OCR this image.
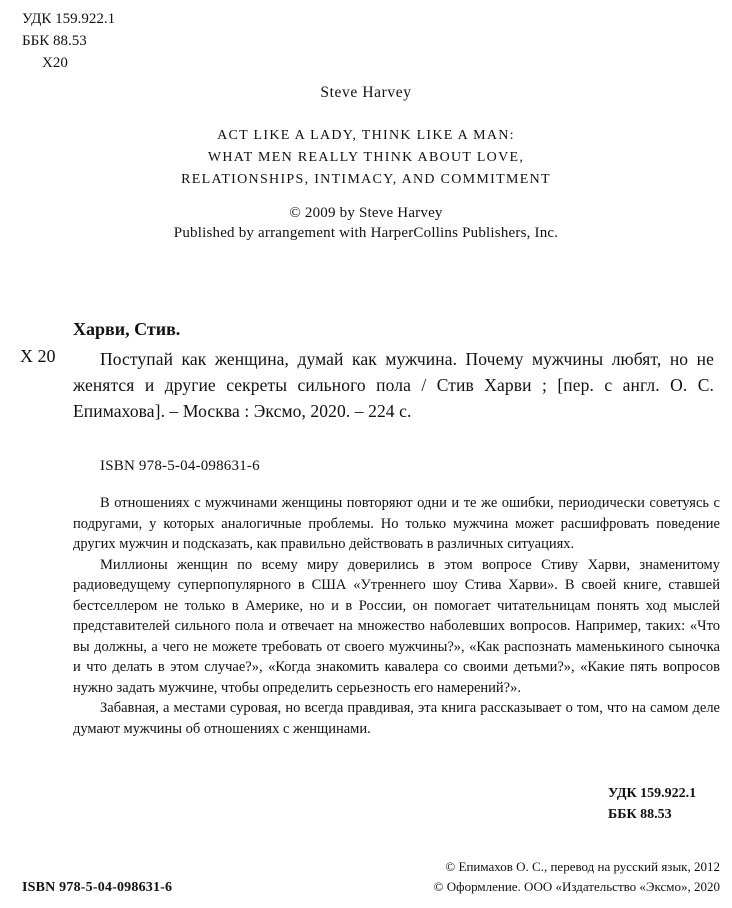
УДК 159.922.1
ББК 88.53
Х20
Steve Harvey
ACT LIKE A LADY, THINK LIKE A MAN:
WHAT MEN REALLY THINK ABOUT LOVE,
RELATIONSHIPS, INTIMACY, AND COMMITMENT
© 2009 by Steve Harvey
Published by arrangement with HarperCollins Publishers, Inc.
Харви, Стив.
Х 20	Поступай как женщина, думай как мужчина. Почему мужчины любят, но не женятся и другие секреты сильного пола / Стив Харви ; [пер. с англ. О. С. Епимахова]. – Москва : Эксмо, 2020. – 224 с.
ISBN 978-5-04-098631-6

В отношениях с мужчинами женщины повторяют одни и те же ошибки, периодически советуясь с подругами, у которых аналогичные проблемы. Но только мужчина может расшифровать поведение других мужчин и подсказать, как правильно действовать в различных ситуациях.

Миллионы женщин по всему миру доверились в этом вопросе Стиву Харви, знаменитому радиоведущему суперпопулярного в США «Утреннего шоу Стива Харви». В своей книге, ставшей бестселлером не только в Америке, но и в России, он помогает читательницам понять ход мыслей представителей сильного пола и отвечает на множество наболевших вопросов. Например, таких: «Что вы должны, а чего не можете требовать от своего мужчины?», «Как распознать маменькиного сыночка и что делать в этом случае?», «Когда знакомить кавалера со своими детьми?», «Какие пять вопросов нужно задать мужчине, чтобы определить серьезность его намерений?».

Забавная, а местами суровая, но всегда правдивая, эта книга рассказывает о том, что на самом деле думают мужчины об отношениях с женщинами.

УДК 159.922.1
ББК 88.53
ISBN 978-5-04-098631-6
© Епимахов О. С., перевод на русский язык, 2012
© Оформление. ООО «Издательство «Эксмо», 2020
